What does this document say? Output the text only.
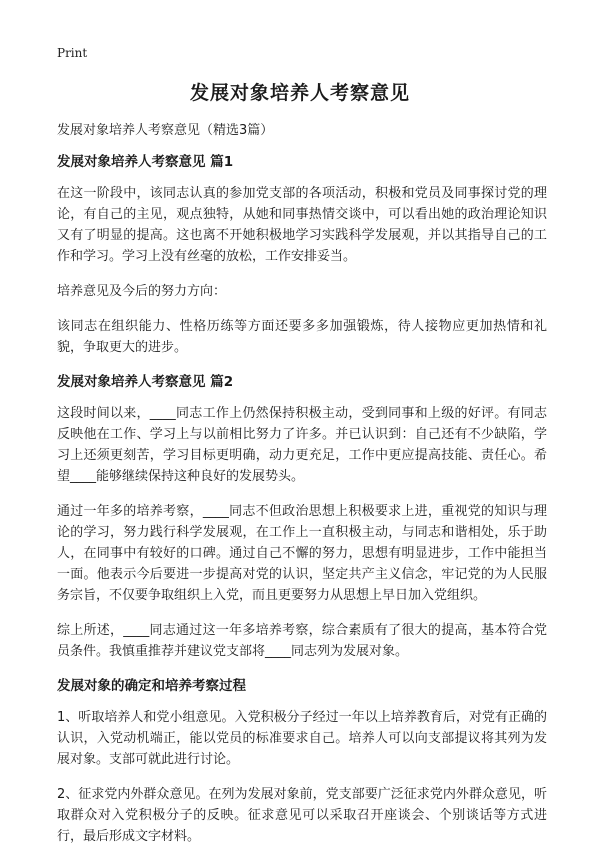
Print
发展对象培养人考察意见

发展对象培养人考察意见（精选3篇）

发展对象培养人考察意见 篇1

在这一阶段中，该同志认真的参加党支部的各项活动，积极和党员及同事探讨党的理论，有自己的主见，观点独特，从她和同事热情交谈中，可以看出她的政治理论知识又有了明显的提高。这也离不开她积极地学习实践科学发展观，并以其指导自己的工作和学习。学习上没有丝毫的放松，工作安排妥当。

培养意见及今后的努力方向：

该同志在组织能力、性格历练等方面还要多多加强锻炼，待人接物应更加热情和礼貌，争取更大的进步。

发展对象培养人考察意见 篇2

这段时间以来，____同志工作上仍然保持积极主动，受到同事和上级的好评。有同志反映他在工作、学习上与以前相比努力了许多。并已认识到：自己还有不少缺陷，学习上还须更刻苦，学习目标更明确，动力更充足，工作中更应提高技能、责任心。希望____能够继续保持这种良好的发展势头。

通过一年多的培养考察，____同志不但政治思想上积极要求上进，重视党的知识与理论的学习，努力践行科学发展观，在工作上一直积极主动，与同志和谐相处，乐于助人，在同事中有较好的口碑。通过自己不懈的努力，思想有明显进步，工作中能担当一面。他表示今后要进一步提高对党的认识，坚定共产主义信念，牢记党的为人民服务宗旨，不仅要争取组织上入党，而且更要努力从思想上早日加入党组织。

综上所述，____同志通过这一年多培养考察，综合素质有了很大的提高，基本符合党员条件。我慎重推荐并建议党支部将____同志列为发展对象。

发展对象的确定和培养考察过程

1、听取培养人和党小组意见。入党积极分子经过一年以上培养教育后，对党有正确的认识，入党动机端正，能以党员的标准要求自己。培养人可以向支部提议将其列为发展对象。支部可就此进行讨论。

2、征求党内外群众意见。在列为发展对象前，党支部要广泛征求党内外群众意见，听取群众对入党积极分子的反映。征求意见可以采取召开座谈会、个别谈话等方式进行，最后形成文字材料。
